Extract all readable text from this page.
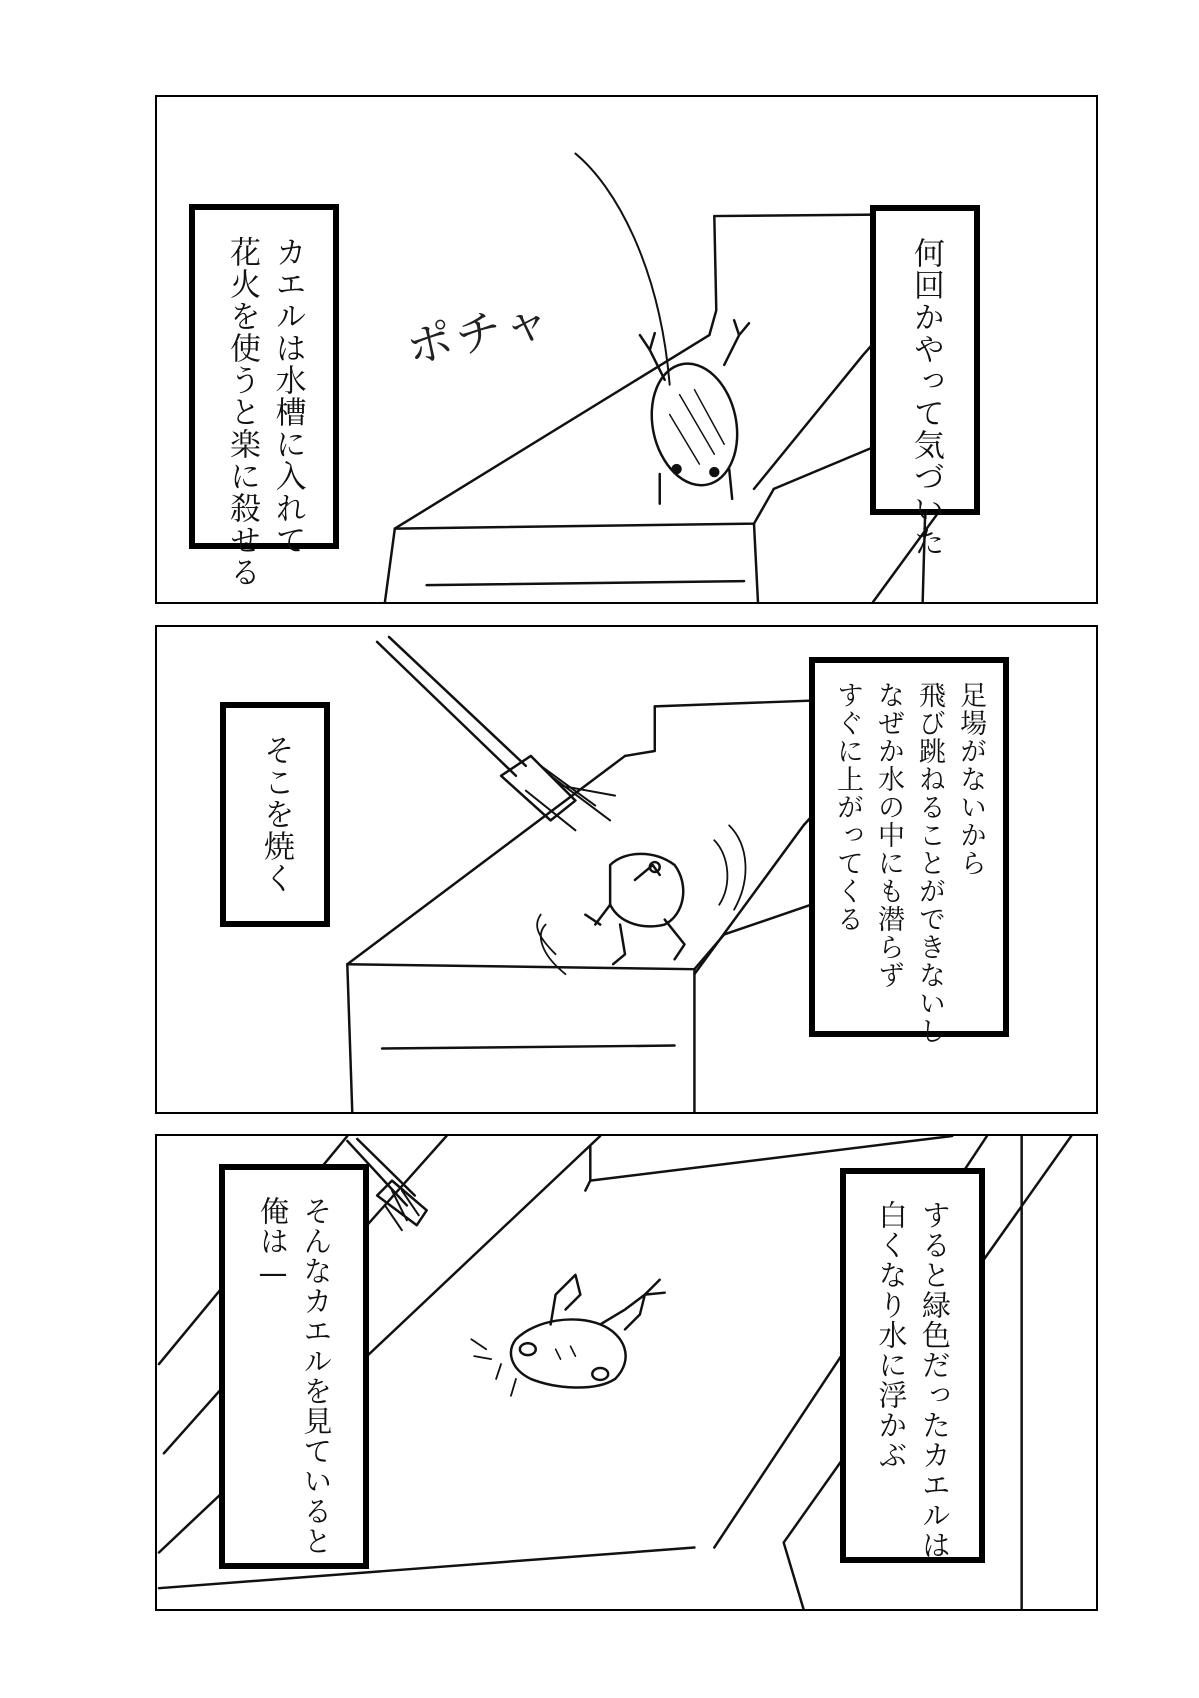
ポチャ	何回かやって気づいた
カエルは水槽に入れて
花火を使うと楽に殺せる
足場がないから
飛び跳ねることができないし
なぜか水の中にも潜らず
すぐに上がってくる
そこを焼く
すると緑色だったカエルは
白くなり水に浮かぶ
そんなカエルを見ていると
俺は—
